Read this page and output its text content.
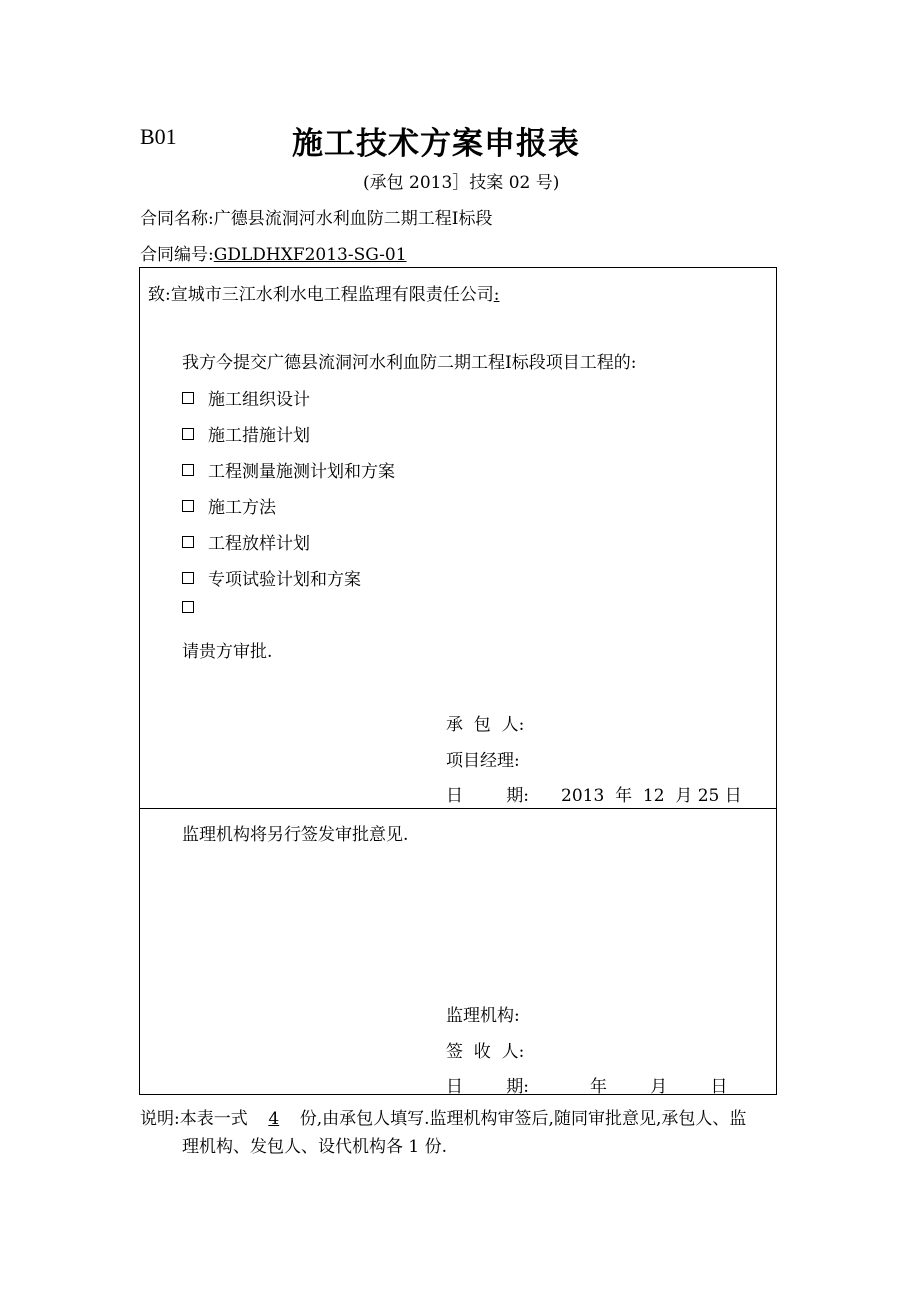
B01	施工技术方案申报表
(承包 2013］技案 02 号)
合同名称:广德县流洞河水利血防二期工程Ⅰ标段
合同编号:GDLDHXF2013-SG-01
致:宣城市三江水利水电工程监理有限责任公司:
我方今提交广德县流洞河水利血防二期工程Ⅰ标段项目工程的:
施工组织设计
施工措施计划
工程测量施测计划和方案
施工方法
工程放样计划
专项试验计划和方案
请贵方审批.
承  包  人:
项目经理:
日        期: 2013  年  12  月 25 日
监理机构将另行签发审批意见.
监理机构:
签  收  人:
日        期:	年        月        日
说明:本表一式 4 份,由承包人填写.监理机构审签后,随同审批意见,承包人、监
理机构、发包人、设代机构各 1 份.
